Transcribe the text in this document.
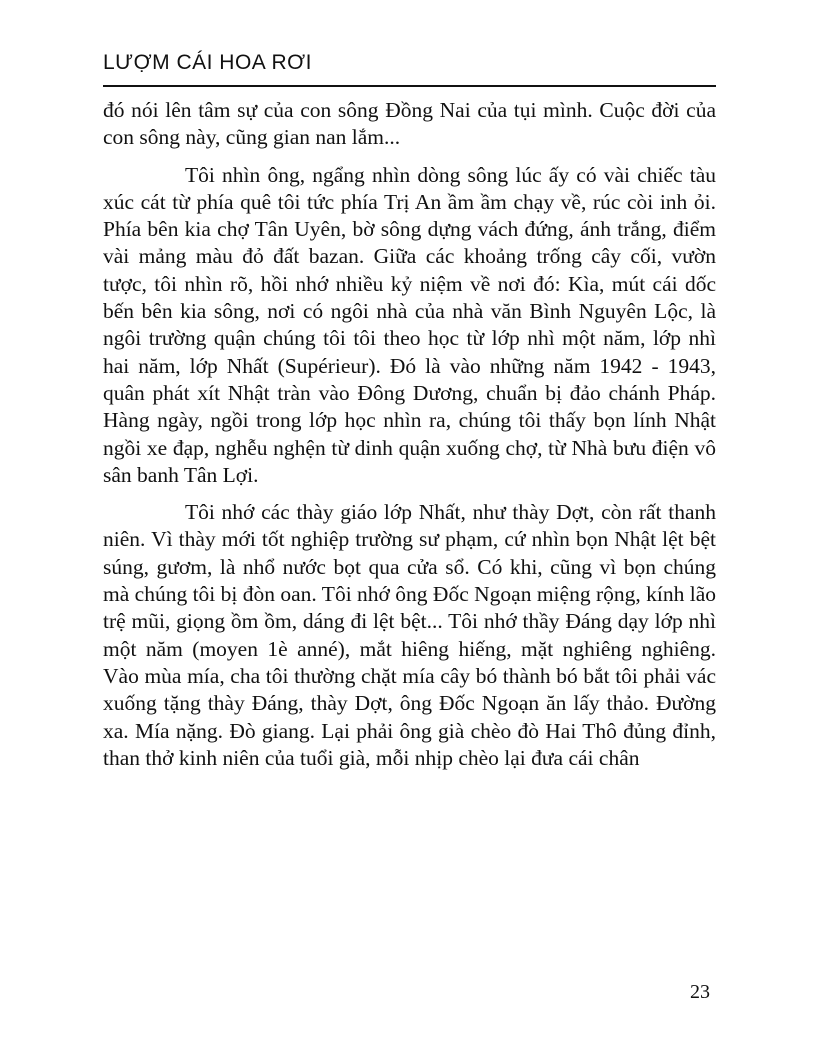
LƯỢM CÁI HOA RƠI

đó nói lên tâm sự của con sông Đồng Nai của tụi mình. Cuộc đời của con sông này, cũng gian nan lắm...

Tôi nhìn ông, ngẩng nhìn dòng sông lúc ấy có vài chiếc tàu xúc cát từ phía quê tôi tức phía Trị An ầm ầm chạy về, rúc còi inh ỏi. Phía bên kia chợ Tân Uyên, bờ sông dựng vách đứng, ánh trắng, điểm vài mảng màu đỏ đất bazan. Giữa các khoảng trống cây cối, vườn tược, tôi nhìn rõ, hồi nhớ nhiều kỷ niệm về nơi đó: Kìa, mút cái dốc bến bên kia sông, nơi có ngôi nhà của nhà văn Bình Nguyên Lộc, là ngôi trường quận chúng tôi tôi theo học từ lớp nhì một năm, lớp nhì hai năm, lớp Nhất (Supérieur). Đó là vào những năm 1942 - 1943, quân phát xít Nhật tràn vào Đông Dương, chuẩn bị đảo chánh Pháp. Hàng ngày, ngồi trong lớp học nhìn ra, chúng tôi thấy bọn lính Nhật ngồi xe đạp, nghễu nghện từ dinh quận xuống chợ, từ Nhà bưu điện vô sân banh Tân Lợi.

Tôi nhớ các thày giáo lớp Nhất, như thày Dợt, còn rất thanh niên. Vì thày mới tốt nghiệp trường sư phạm, cứ nhìn bọn Nhật lệt bệt súng, gươm, là nhổ nước bọt qua cửa sổ. Có khi, cũng vì bọn chúng mà chúng tôi bị đòn oan. Tôi nhớ ông Đốc Ngoạn miệng rộng, kính lão trệ mũi, giọng ồm ồm, dáng đi lệt bệt... Tôi nhớ thầy Đáng dạy lớp nhì một năm (moyen 1è anné), mắt hiêng hiếng, mặt nghiêng nghiêng. Vào mùa mía, cha tôi thường chặt mía cây bó thành bó bắt tôi phải vác xuống tặng thày Đáng, thày Dợt, ông Đốc Ngoạn ăn lấy thảo. Đường xa. Mía nặng. Đò giang. Lại phải ông già chèo đò Hai Thô đủng đỉnh, than thở kinh niên của tuổi già, mỗi nhịp chèo lại đưa cái chân

23
